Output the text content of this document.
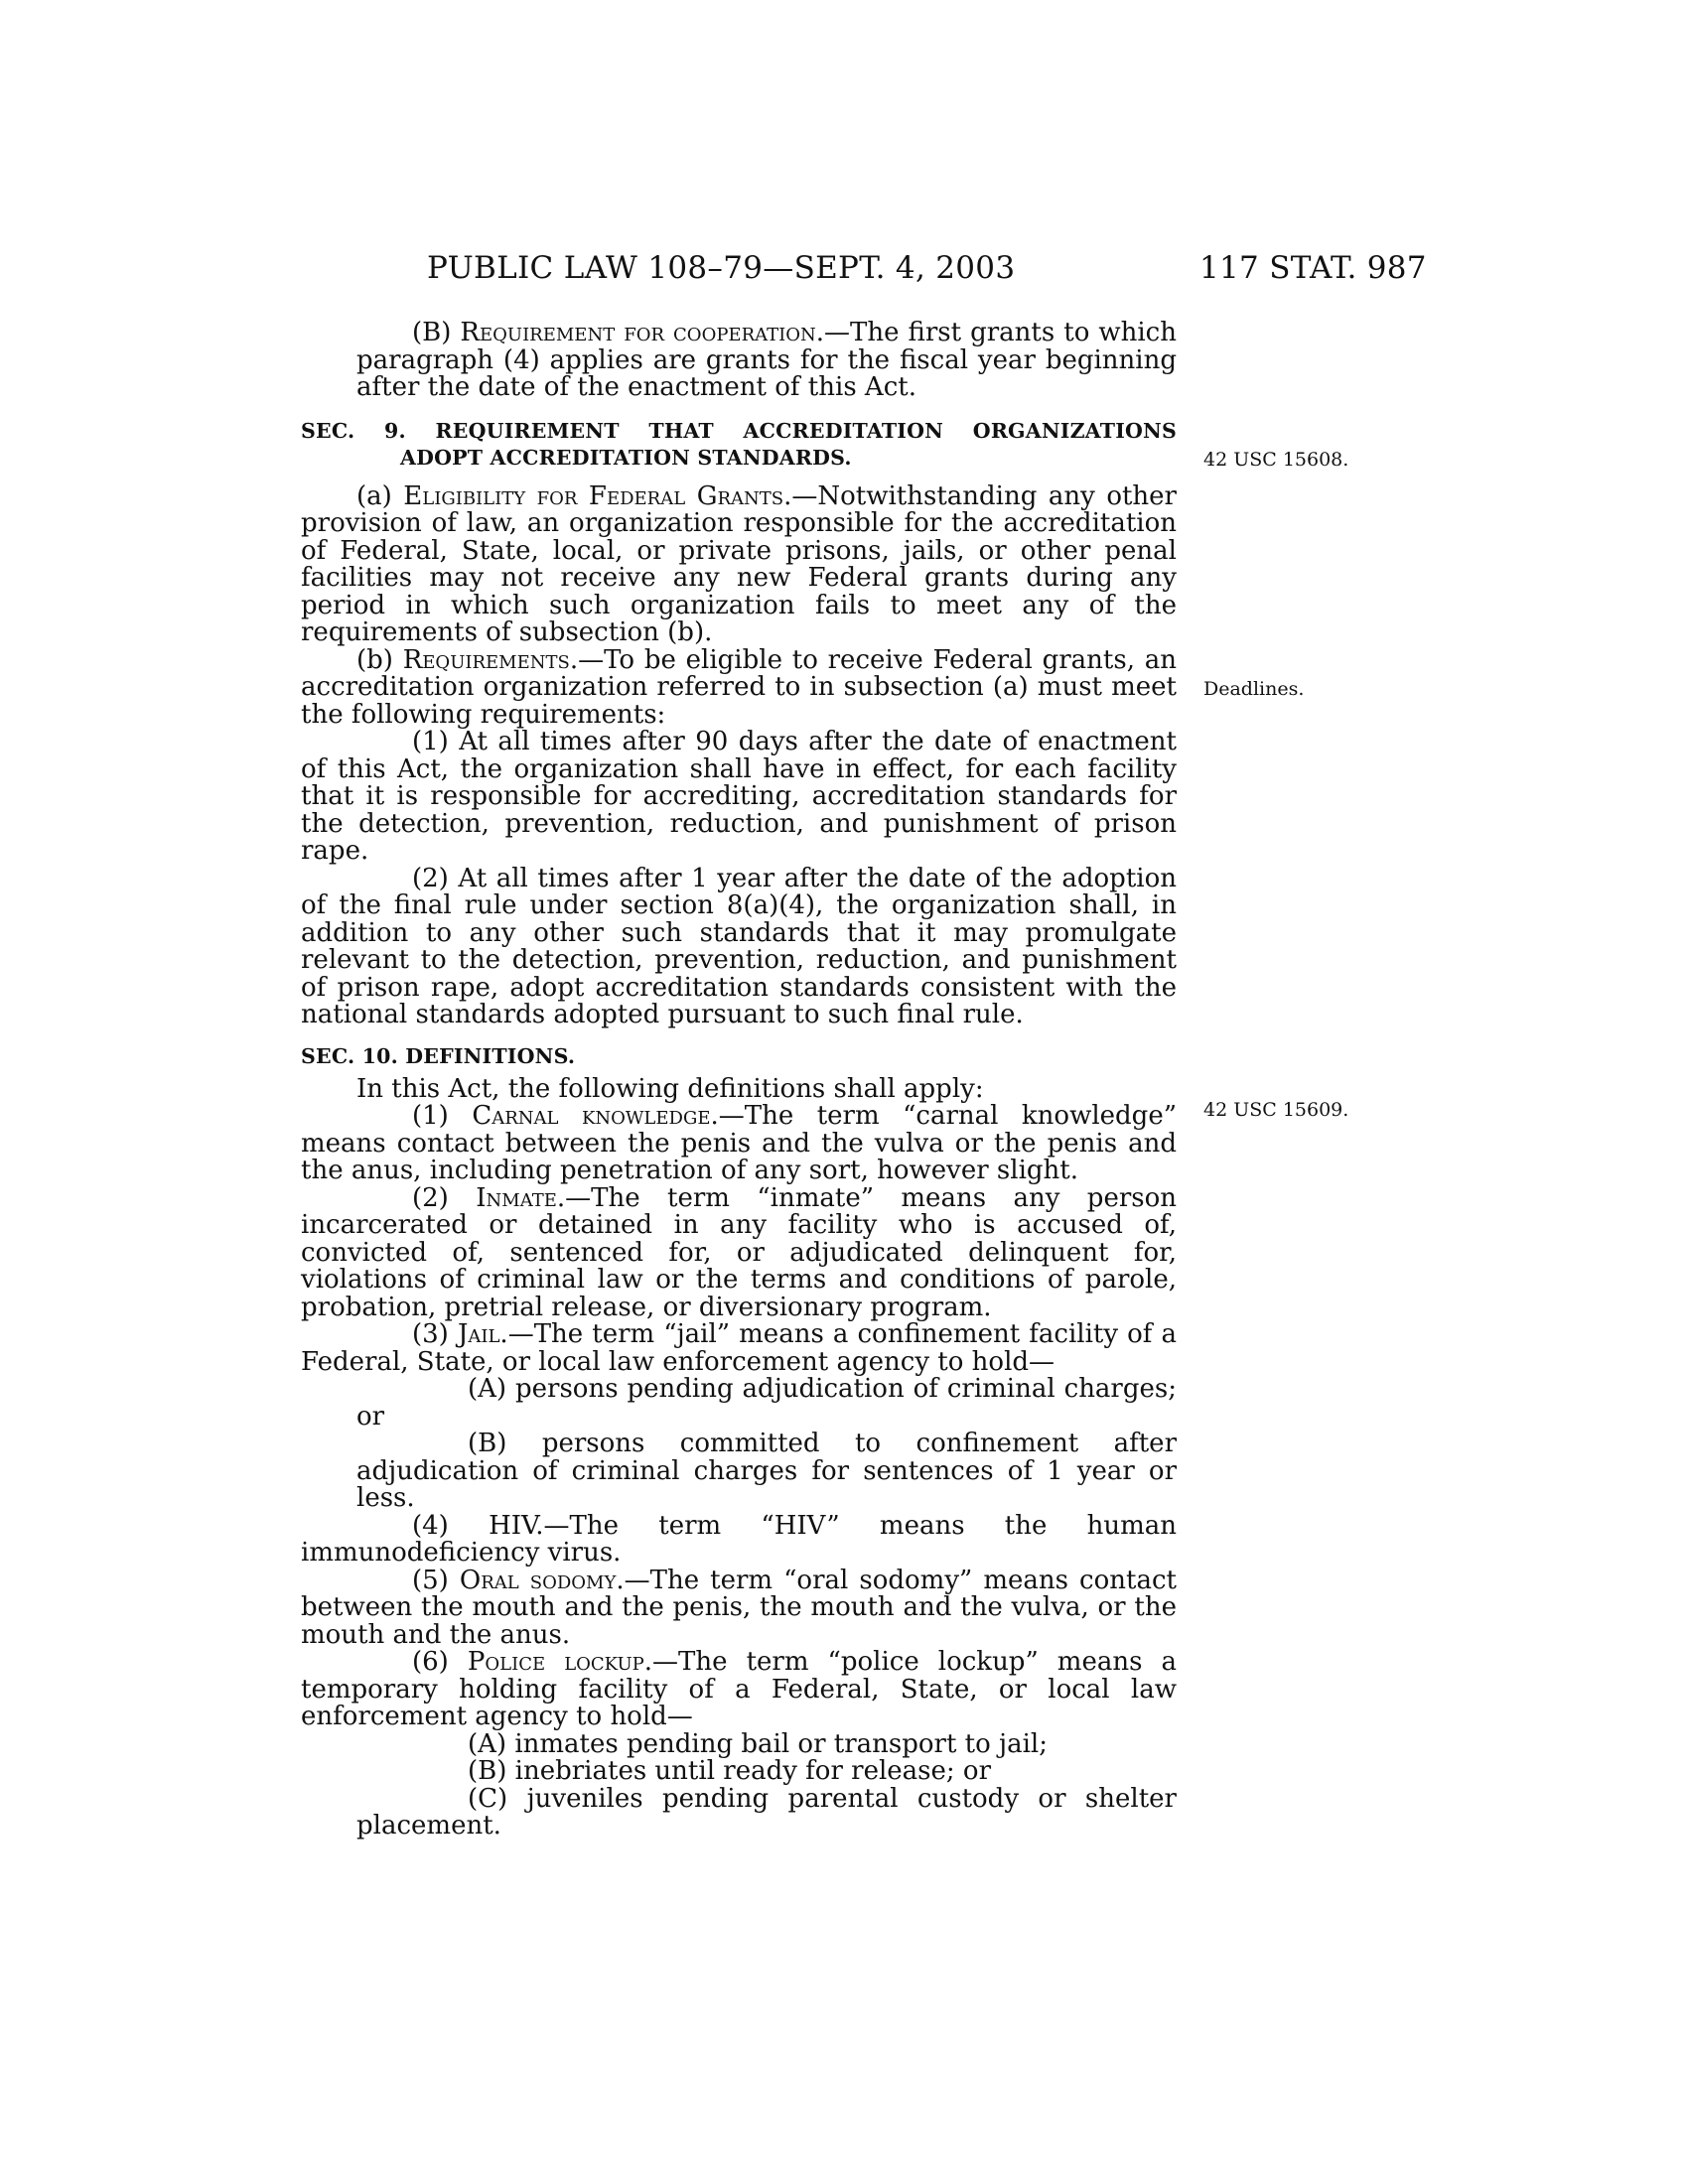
PUBLIC LAW 108–79—SEPT. 4, 2003	117 STAT. 987
42 USC 15608.
Deadlines.
42 USC 15609.

(B) Requirement for cooperation.—The first grants to which paragraph (4) applies are grants for the fiscal year beginning after the date of the enactment of this Act.

SEC. 9. REQUIREMENT THAT ACCREDITATION ORGANIZATIONS
ADOPT ACCREDITATION STANDARDS.

(a) Eligibility for Federal Grants.—Notwithstanding any other provision of law, an organization responsible for the accreditation of Federal, State, local, or private prisons, jails, or other penal facilities may not receive any new Federal grants during any period in which such organization fails to meet any of the requirements of subsection (b).

(b) Requirements.—To be eligible to receive Federal grants, an accreditation organization referred to in subsection (a) must meet the following requirements:

(1) At all times after 90 days after the date of enactment of this Act, the organization shall have in effect, for each facility that it is responsible for accrediting, accreditation standards for the detection, prevention, reduction, and punishment of prison rape.

(2) At all times after 1 year after the date of the adoption of the final rule under section 8(a)(4), the organization shall, in addition to any other such standards that it may promulgate relevant to the detection, prevention, reduction, and punishment of prison rape, adopt accreditation standards consistent with the national standards adopted pursuant to such final rule.

SEC. 10. DEFINITIONS.

In this Act, the following definitions shall apply:

(1) Carnal knowledge.—The term “carnal knowledge” means contact between the penis and the vulva or the penis and the anus, including penetration of any sort, however slight.

(2) Inmate.—The term “inmate” means any person incarcerated or detained in any facility who is accused of, convicted of, sentenced for, or adjudicated delinquent for, violations of criminal law or the terms and conditions of parole, probation, pretrial release, or diversionary program.

(3) Jail.—The term “jail” means a confinement facility of a Federal, State, or local law enforcement agency to hold—

(A) persons pending adjudication of criminal charges; or

(B) persons committed to confinement after adjudication of criminal charges for sentences of 1 year or less.

(4) HIV.—The term “HIV” means the human immunodeficiency virus.

(5) Oral sodomy.—The term “oral sodomy” means contact between the mouth and the penis, the mouth and the vulva, or the mouth and the anus.

(6) Police lockup.—The term “police lockup” means a temporary holding facility of a Federal, State, or local law enforcement agency to hold—

(A) inmates pending bail or transport to jail;

(B) inebriates until ready for release; or

(C) juveniles pending parental custody or shelter placement.
